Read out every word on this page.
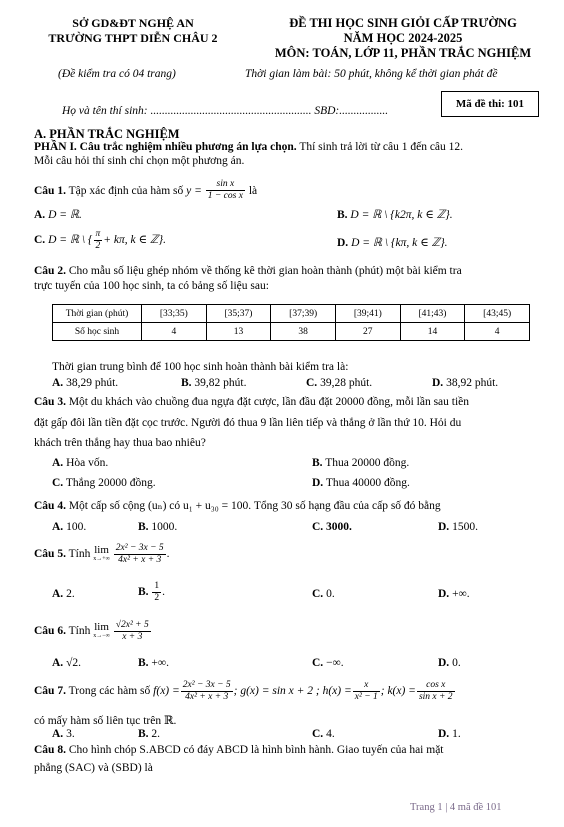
SỞ GD&ĐT NGHỆ AN
TRƯỜNG THPT DIỄN CHÂU 2
ĐỀ THI HỌC SINH GIỎI CẤP TRƯỜNG
NĂM HỌC 2024-2025
MÔN: TOÁN, LỚP 11, PHẦN TRẮC NGHIỆM
(Đề kiểm tra có 04 trang)	Thời gian làm bài: 50 phút, không kể thời gian phát đề
Họ và tên thí sinh: ........................................................ SBD:.................
Mã đề thi: 101
A. PHẦN TRẮC NGHIỆM
PHẦN I. Câu trắc nghiệm nhiều phương án lựa chọn. Thí sinh trả lời từ câu 1 đến câu 12.
Mỗi câu hỏi thí sinh chỉ chọn một phương án.
Câu 1. Tập xác định của hàm số $y = \frac{\text{sin x}}{\text{1 − cos x}}$ là
A. D = ℝ.	B. D = ℝ \ {k2π, k ∈ ℤ}.
C. D = ℝ \ { $\frac{\pi}{2} + k\pi$, k ∈ ℤ}.	D. D = ℝ \ {kπ, k ∈ ℤ}.
Câu 2. Cho mẫu số liệu ghép nhóm về thống kê thời gian hoàn thành (phút) một bài kiểm tra
trực tuyến của 100 học sinh, ta có bảng số liệu sau:
Thời gian (phút)	[33;35)	[35;37)	[37;39)	[39;41)	[41;43)	[43;45)
Số học sinh	4	13	38	27	14	4
Thời gian trung bình để 100 học sinh hoàn thành bài kiểm tra là:
A. 38,29 phút.	B. 39,82 phút.	C. 39,28 phút.	D. 38,92 phút.
Câu 3. Một du khách vào chuồng đua ngựa đặt cược, lần đầu đặt 20000 đồng, mỗi lần sau tiền
đặt gấp đôi lần tiền đặt cọc trước. Người đó thua 9 lần liên tiếp và thắng ở lần thứ 10. Hỏi du
khách trên thắng hay thua bao nhiêu?
A. Hòa vốn.	B. Thua 20000 đồng.
C. Thắng 20000 đồng.	D. Thua 40000 đồng.
Câu 4. Một cấp số cộng (uₙ) có u₁ + u₃₀ = 100. Tổng 30 số hạng đầu của cấp số đó bằng
A. 100.	B. 1000.	C. 3000.	D. 1500.
Câu 5. Tính lim
x→+∞
$\frac{\text{2x² − 3x − 5}}{\text{4x² + x + 3}}$ .
A. 2.	B. $\frac{1}{2}$ .	C. 0.	D. +∞.
Câu 6. Tính lim
x→−∞
$\frac{\text{√2x² + 5}}{x + 3}$
A. √2.	B. +∞.	C. −∞.	D. 0.
Câu 7. Trong các hàm số $f(x) = \frac{\text{2x² − 3x − 5}}{\text{4x² + x + 3}}$ ; g(x) = sin x + 2 ; $h(x) = \frac{x}{\text{x² − 1}}$ ; $k(x) = \frac{\text{cos x}}{\text{sin x + 2}}$
có mấy hàm số liên tục trên ℝ.
A. 3.	B. 2.	C. 4.	D. 1.
Câu 8. Cho hình chóp S.ABCD có đáy ABCD là hình bình hành. Giao tuyến của hai mặt
phẳng (SAC) và (SBD) là
Trang 1 | 4 mã đề 101
